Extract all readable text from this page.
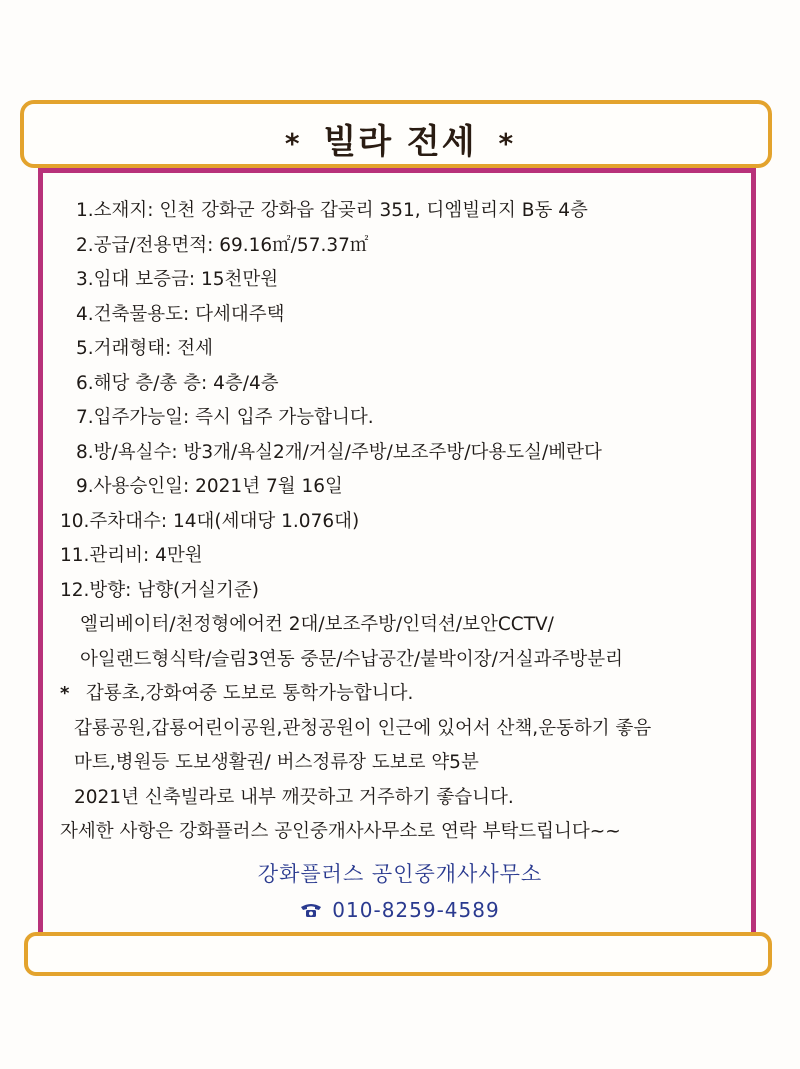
* 빌라 전세 *
1.소재지: 인천 강화군 강화읍 갑곶리 351, 디엠빌리지 B동 4층
2.공급/전용면적: 69.16㎡/57.37㎡
3.임대 보증금: 15천만원
4.건축물용도: 다세대주택
5.거래형태: 전세
6.해당 층/총 층: 4층/4층
7.입주가능일: 즉시 입주 가능합니다.
8.방/욕실수: 방3개/욕실2개/거실/주방/보조주방/다용도실/베란다
9.사용승인일: 2021년 7월 16일
10.주차대수: 14대(세대당 1.076대)
11.관리비: 4만원
12.방향: 남향(거실기준)
엘리베이터/천정형에어컨 2대/보조주방/인덕션/보안CCTV/
아일랜드형식탁/슬림3연동 중문/수납공간/붙박이장/거실과주방분리
* 갑룡초,강화여중 도보로 통학가능합니다.
갑룡공원,갑룡어린이공원,관청공원이 인근에 있어서 산책,운동하기 좋음
마트,병원등 도보생활권/ 버스정류장 도보로 약5분
2021년 신축빌라로 내부 깨끗하고 거주하기 좋습니다.
자세한 사항은 강화플러스 공인중개사사무소로 연락 부탁드립니다~~
강화플러스 공인중개사사무소
010-8259-4589
